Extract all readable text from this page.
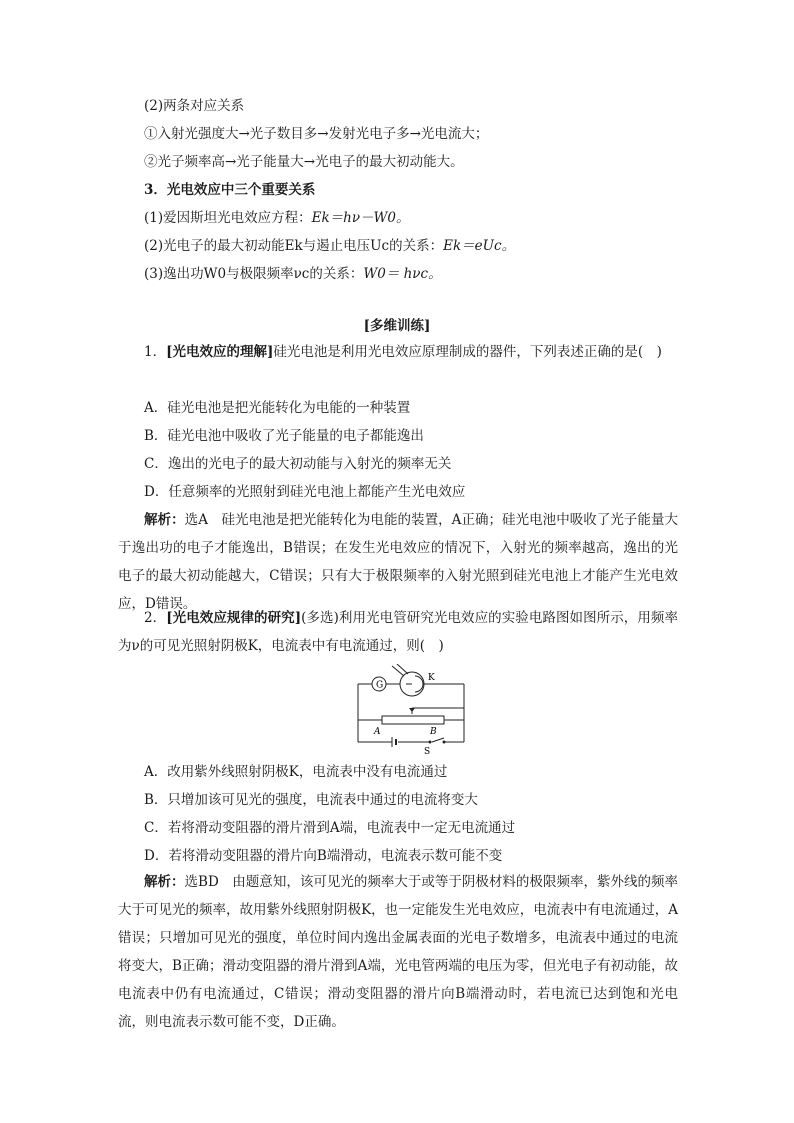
(2)两条对应关系
①入射光强度大→光子数目多→发射光电子多→光电流大；
②光子频率高→光子能量大→光电子的最大初动能大。
3．光电效应中三个重要关系
(1)爱因斯坦光电效应方程：Ek＝hν－W0。
(2)光电子的最大初动能Ek与遏止电压Uc的关系：Ek＝eUc。
(3)逸出功W0与极限频率νc的关系：W0＝ hνc。
[多维训练]
1．[光电效应的理解]硅光电池是利用光电效应原理制成的器件，下列表述正确的是(　)
A．硅光电池是把光能转化为电能的一种装置
B．硅光电池中吸收了光子能量的电子都能逸出
C．逸出的光电子的最大初动能与入射光的频率无关
D．任意频率的光照射到硅光电池上都能产生光电效应
解析：选A　硅光电池是把光能转化为电能的装置，A正确；硅光电池中吸收了光子能量大于逸出功的电子才能逸出，B错误；在发生光电效应的情况下，入射光的频率越高，逸出的光电子的最大初动能越大，C错误；只有大于极限频率的入射光照到硅光电池上才能产生光电效应，D错误。
2．[光电效应规律的研究](多选)利用光电管研究光电效应的实验电路图如图所示，用频率为ν的可见光照射阴极K，电流表中有电流通过，则(　)
G
K
A	B
S
A．改用紫外线照射阴极K，电流表中没有电流通过
B．只增加该可见光的强度，电流表中通过的电流将变大
C．若将滑动变阻器的滑片滑到A端，电流表中一定无电流通过
D．若将滑动变阻器的滑片向B端滑动，电流表示数可能不变
解析：选BD　由题意知，该可见光的频率大于或等于阴极材料的极限频率，紫外线的频率大于可见光的频率，故用紫外线照射阴极K，也一定能发生光电效应，电流表中有电流通过，A错误；只增加可见光的强度，单位时间内逸出金属表面的光电子数增多，电流表中通过的电流将变大，B正确；滑动变阻器的滑片滑到A端，光电管两端的电压为零，但光电子有初动能，故电流表中仍有电流通过，C错误；滑动变阻器的滑片向B端滑动时，若电流已达到饱和光电流，则电流表示数可能不变，D正确。
